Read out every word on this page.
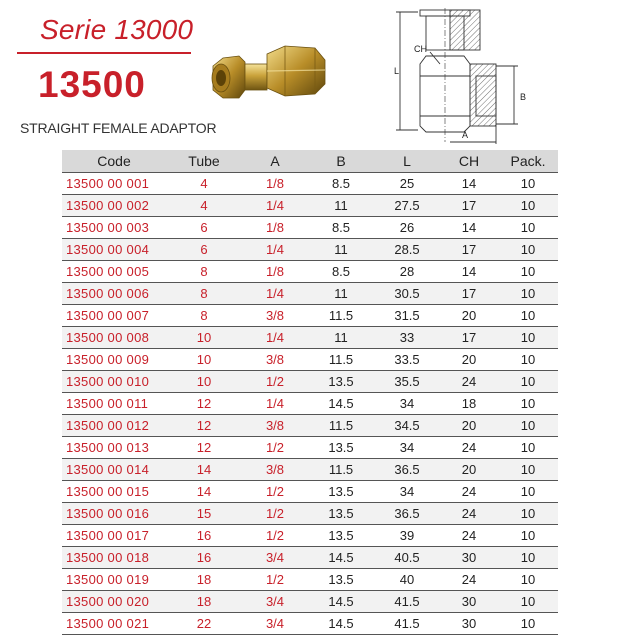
Serie 13000
13500
STRAIGHT FEMALE ADAPTOR
CH
L
B
A
Code	Tube	A	B	L	CH	Pack.
13500 00 001	4	1/8	8.5	25	14	10
13500 00 002	4	1/4	11	27.5	17	10
13500 00 003	6	1/8	8.5	26	14	10
13500 00 004	6	1/4	11	28.5	17	10
13500 00 005	8	1/8	8.5	28	14	10
13500 00 006	8	1/4	11	30.5	17	10
13500 00 007	8	3/8	11.5	31.5	20	10
13500 00 008	10	1/4	11	33	17	10
13500 00 009	10	3/8	11.5	33.5	20	10
13500 00 010	10	1/2	13.5	35.5	24	10
13500 00 011	12	1/4	14.5	34	18	10
13500 00 012	12	3/8	11.5	34.5	20	10
13500 00 013	12	1/2	13.5	34	24	10
13500 00 014	14	3/8	11.5	36.5	20	10
13500 00 015	14	1/2	13.5	34	24	10
13500 00 016	15	1/2	13.5	36.5	24	10
13500 00 017	16	1/2	13.5	39	24	10
13500 00 018	16	3/4	14.5	40.5	30	10
13500 00 019	18	1/2	13.5	40	24	10
13500 00 020	18	3/4	14.5	41.5	30	10
13500 00 021	22	3/4	14.5	41.5	30	10
